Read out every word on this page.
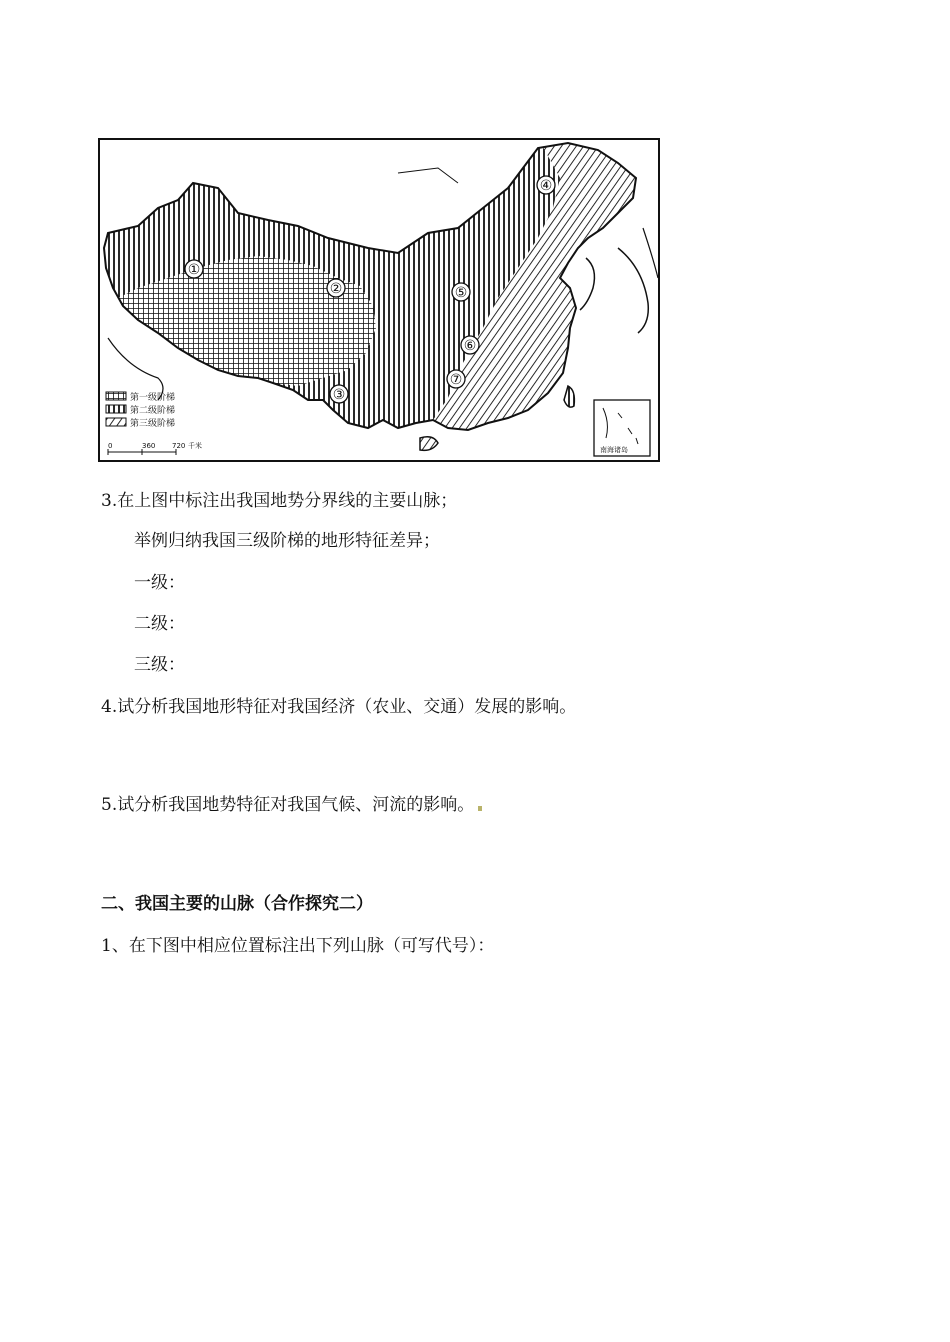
①
②
③
④
⑤
⑥
⑦
第一级阶梯
第二级阶梯
第三级阶梯
0	360 720 千米	南海诸岛
3.在上图中标注出我国地势分界线的主要山脉；
举例归纳我国三级阶梯的地形特征差异；
一级：
二级：
三级：
4.试分析我国地形特征对我国经济（农业、交通）发展的影响。
5.试分析我国地势特征对我国气候、河流的影响。
二、我国主要的山脉（合作探究二）
1、在下图中相应位置标注出下列山脉（可写代号）：
